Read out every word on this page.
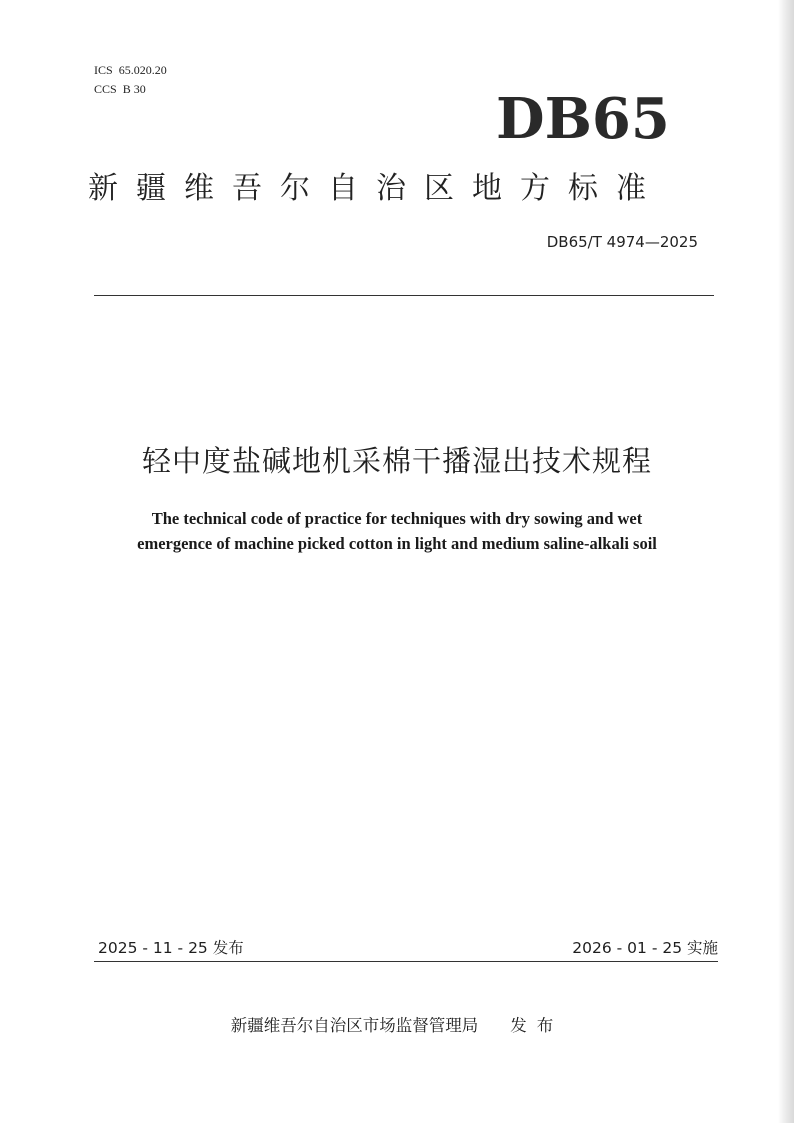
ICS 65.020.20
CCS B 30	DB65
新疆维吾尔自治区地方标准
DB65/T 4974—2025
轻中度盐碱地机采棉干播湿出技术规程
The technical code of practice for techniques with dry sowing and wet
emergence of machine picked cotton in light and medium saline-alkali soil
2025 - 11 - 25 发布	2026 - 01 - 25 实施
新疆维吾尔自治区市场监督管理局 发布
